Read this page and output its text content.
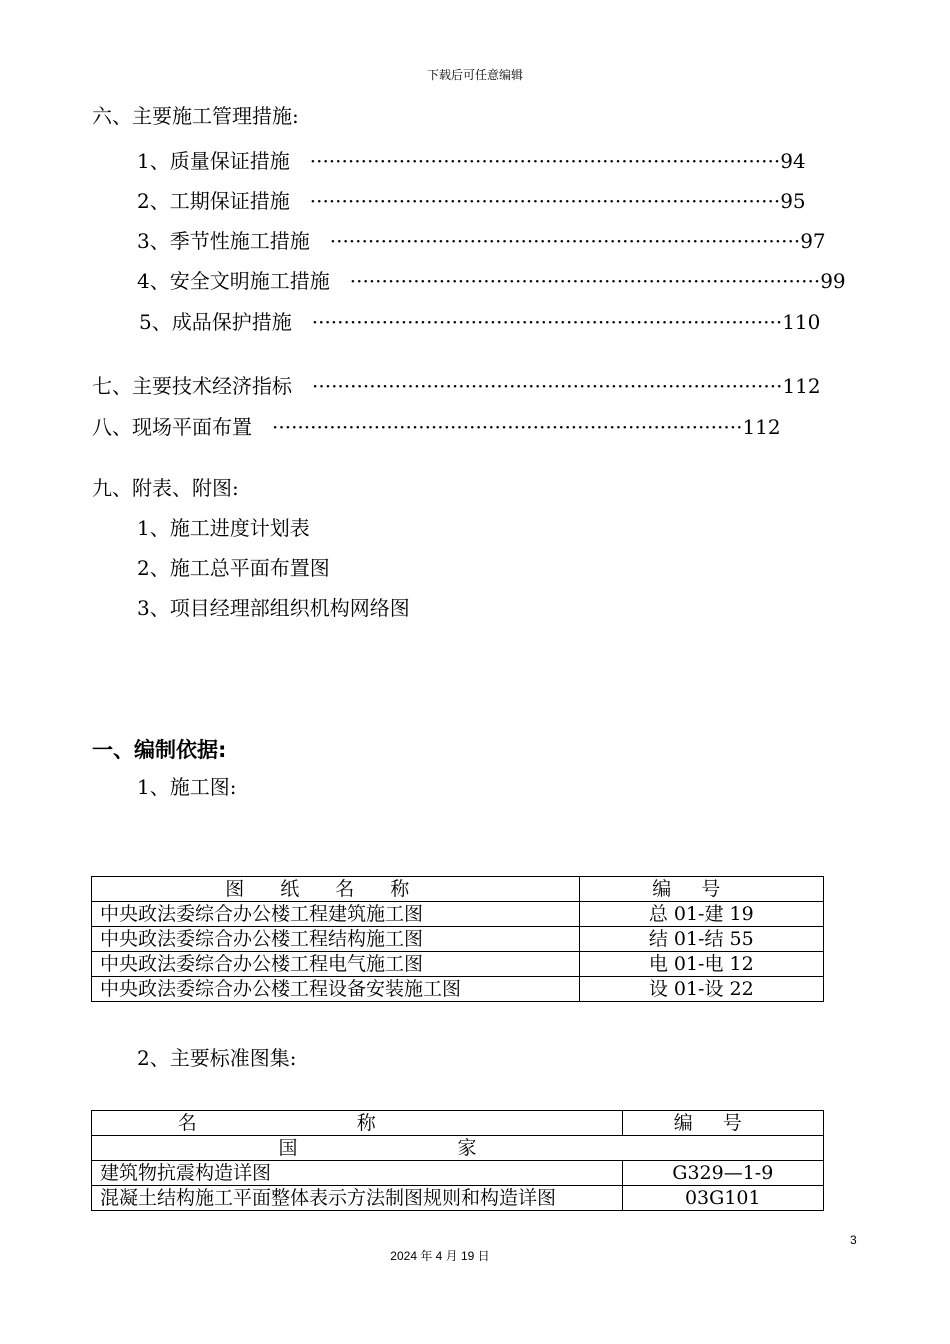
下载后可任意编辑
六、主要施工管理措施:
1、质量保证措施 ·········································································· 94
2、工期保证措施 ·········································································· 95
3、季节性施工措施 ·········································································· 97
4、安全文明施工措施 ·········································································· 99
5、成品保护措施 ·········································································· 110
七、主要技术经济指标 ·········································································· 112
八、现场平面布置 ·········································································· 112
九、附表、附图:
1、施工进度计划表
2、施工总平面布置图
3、项目经理部组织机构网络图
一、编制依据:
1、施工图:
图纸名称	编号
中央政法委综合办公楼工程建筑施工图	总 01-建 19
中央政法委综合办公楼工程结构施工图	结 01-结 55
中央政法委综合办公楼工程电气施工图	电 01-电 12
中央政法委综合办公楼工程设备安装施工图	设 01-设 22
2、主要标准图集:
名称	编号
国家	
建筑物抗震构造详图	G329—1-9
混凝土结构施工平面整体表示方法制图规则和构造详图	03G101
3
2024 年 4 月 19 日
